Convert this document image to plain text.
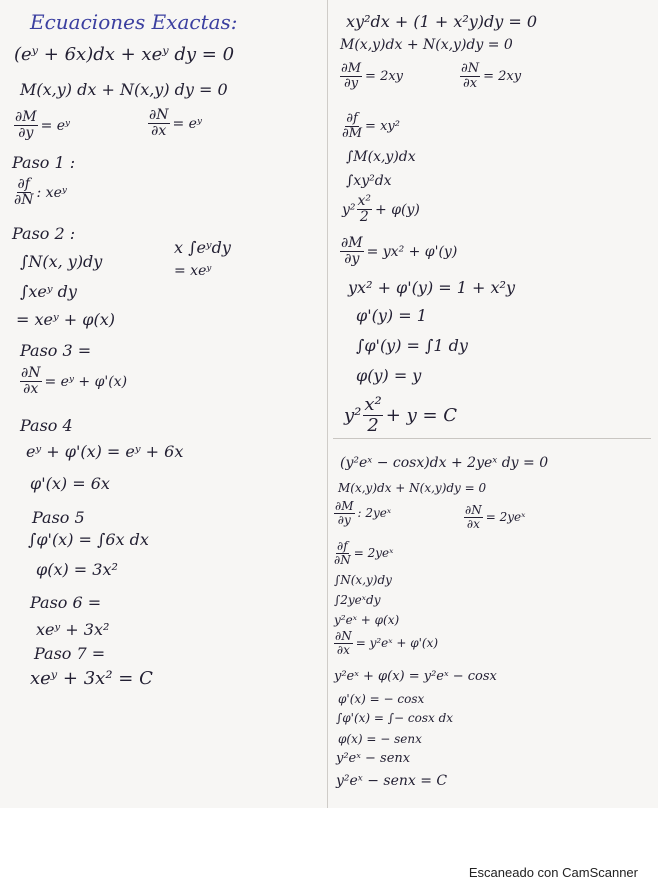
Ecuaciones Exactas:
(eʸ + 6x)dx + xeʸ dy = 0
M(x,y) dx + N(x,y) dy = 0
$\frac{\partial M}{\partial y}$ = eʸ	$\frac{\partial N}{\partial x}$ = eʸ
Paso 1 :
$\frac{\partial f}{\partial N}$ : xeʸ
Paso 2 :
∫N(x, y)dy
∫xeʸ dy
x ∫eʸdy
= xeʸ
= xeʸ + φ(x)
Paso 3 =
$\frac{\partial N}{\partial x}$ = eʸ + φ'(x)
Paso 4
eʸ + φ'(x) = eʸ + 6x
φ'(x) = 6x
Paso 5
∫φ'(x) = ∫6x dx
φ(x) = 3x²
Paso 6 =
xeʸ + 3x²
Paso 7 =
xeʸ + 3x² = C
xy²dx + (1 + x²y)dy = 0
M(x,y)dx + N(x,y)dy = 0
$\frac{\partial M}{\partial y} = 2xy$	$\frac{\partial N}{\partial x} = 2xy$
$\frac{\partial f}{\partial M} = xy^2$
∫M(x,y)dx
∫xy²dx
$y^2 \frac{\text{x²}}{2} + \varphi(y)$
$\frac{\partial M}{\partial y} = yx^2 + \varphi'(y)$
yx² + φ'(y) = 1 + x²y
φ'(y) = 1
∫φ'(y) = ∫1 dy
φ(y) = y
$y^2 \frac{\text{x²}}{2} + y = C$
(y²eˣ − cosx)dx + 2yeˣ dy = 0
M(x,y)dx + N(x,y)dy = 0
$\frac{\partial M}{\partial y}$ : 2yeˣ	$\frac{\partial N}{\partial x}$ = 2yeˣ
$\frac{\partial f}{\partial N}$ = 2yeˣ
∫N(x,y)dy
∫2yeˣdy
y²eˣ + φ(x)
$\frac{\partial N}{\partial x}$ = y²eˣ + φ'(x)
y²eˣ + φ(x) = y²eˣ − cosx
φ'(x) = − cosx
∫φ'(x) = ∫− cosx dx
φ(x) = − senx
y²eˣ − senx
y²eˣ − senx = C
Escaneado con CamScanner
